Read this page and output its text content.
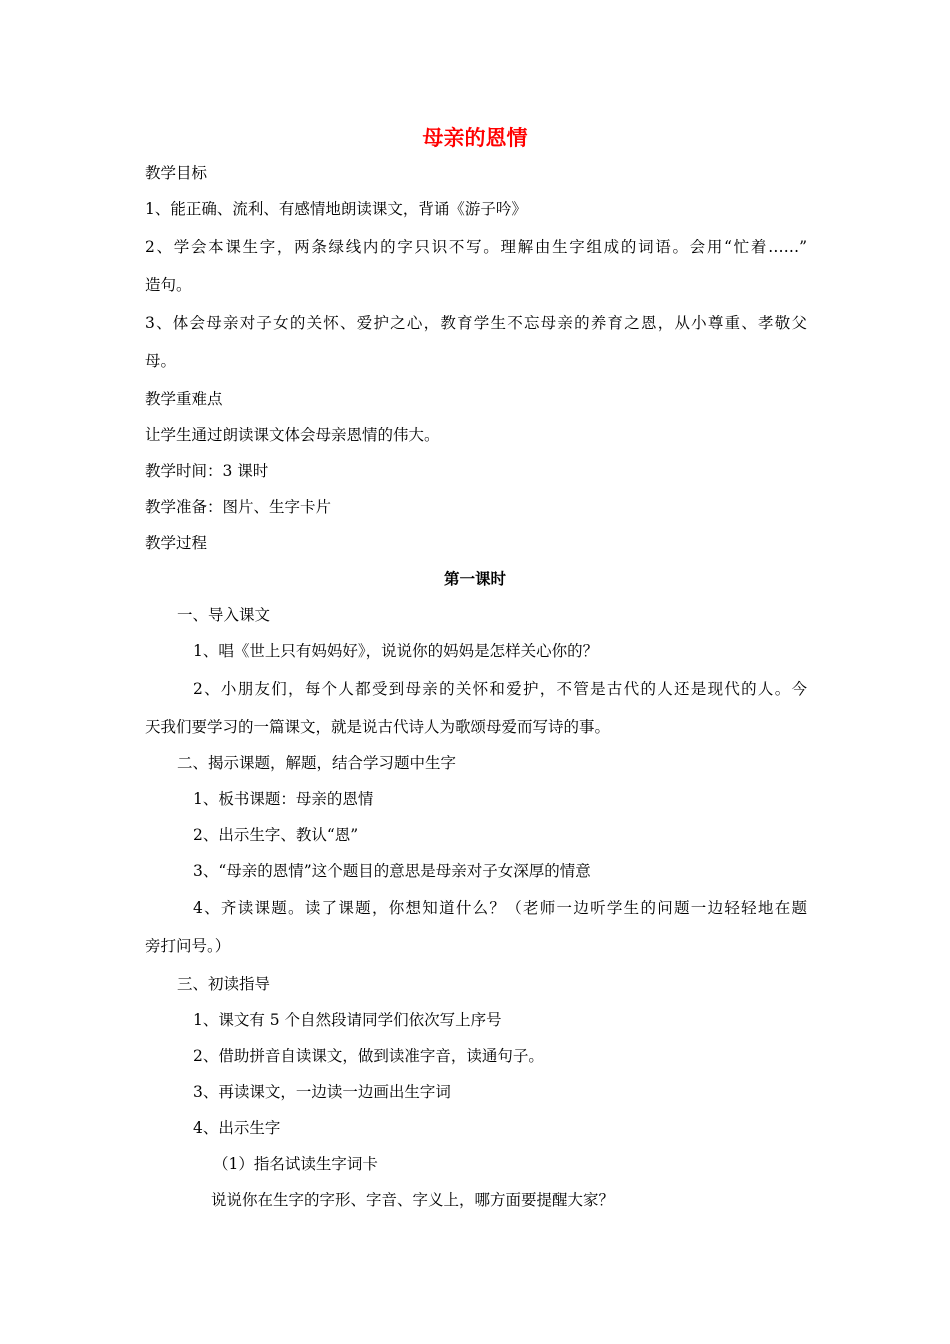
母亲的恩情
教学目标
1、能正确、流利、有感情地朗读课文，背诵《游子吟》
2、学会本课生字，两条绿线内的字只识不写。理解由生字组成的词语。会用“忙着……”
造句。
3、体会母亲对子女的关怀、爱护之心，教育学生不忘母亲的养育之恩，从小尊重、孝敬父
母。
教学重难点
让学生通过朗读课文体会母亲恩情的伟大。
教学时间：3 课时
教学准备：图片、生字卡片
教学过程
第一课时
一、导入课文
1、唱《世上只有妈妈好》，说说你的妈妈是怎样关心你的？
2、小朋友们，每个人都受到母亲的关怀和爱护，不管是古代的人还是现代的人。今
天我们要学习的一篇课文，就是说古代诗人为歌颂母爱而写诗的事。
二、揭示课题，解题，结合学习题中生字
1、板书课题：母亲的恩情
2、出示生字、教认“恩”
3、“母亲的恩情”这个题目的意思是母亲对子女深厚的情意
4、齐读课题。读了课题，你想知道什么？（老师一边听学生的问题一边轻轻地在题
旁打问号。）
三、初读指导
1、课文有 5 个自然段请同学们依次写上序号
2、借助拼音自读课文，做到读准字音，读通句子。
3、再读课文，一边读一边画出生字词
4、出示生字
（1）指名试读生字词卡
说说你在生字的字形、字音、字义上，哪方面要提醒大家？
